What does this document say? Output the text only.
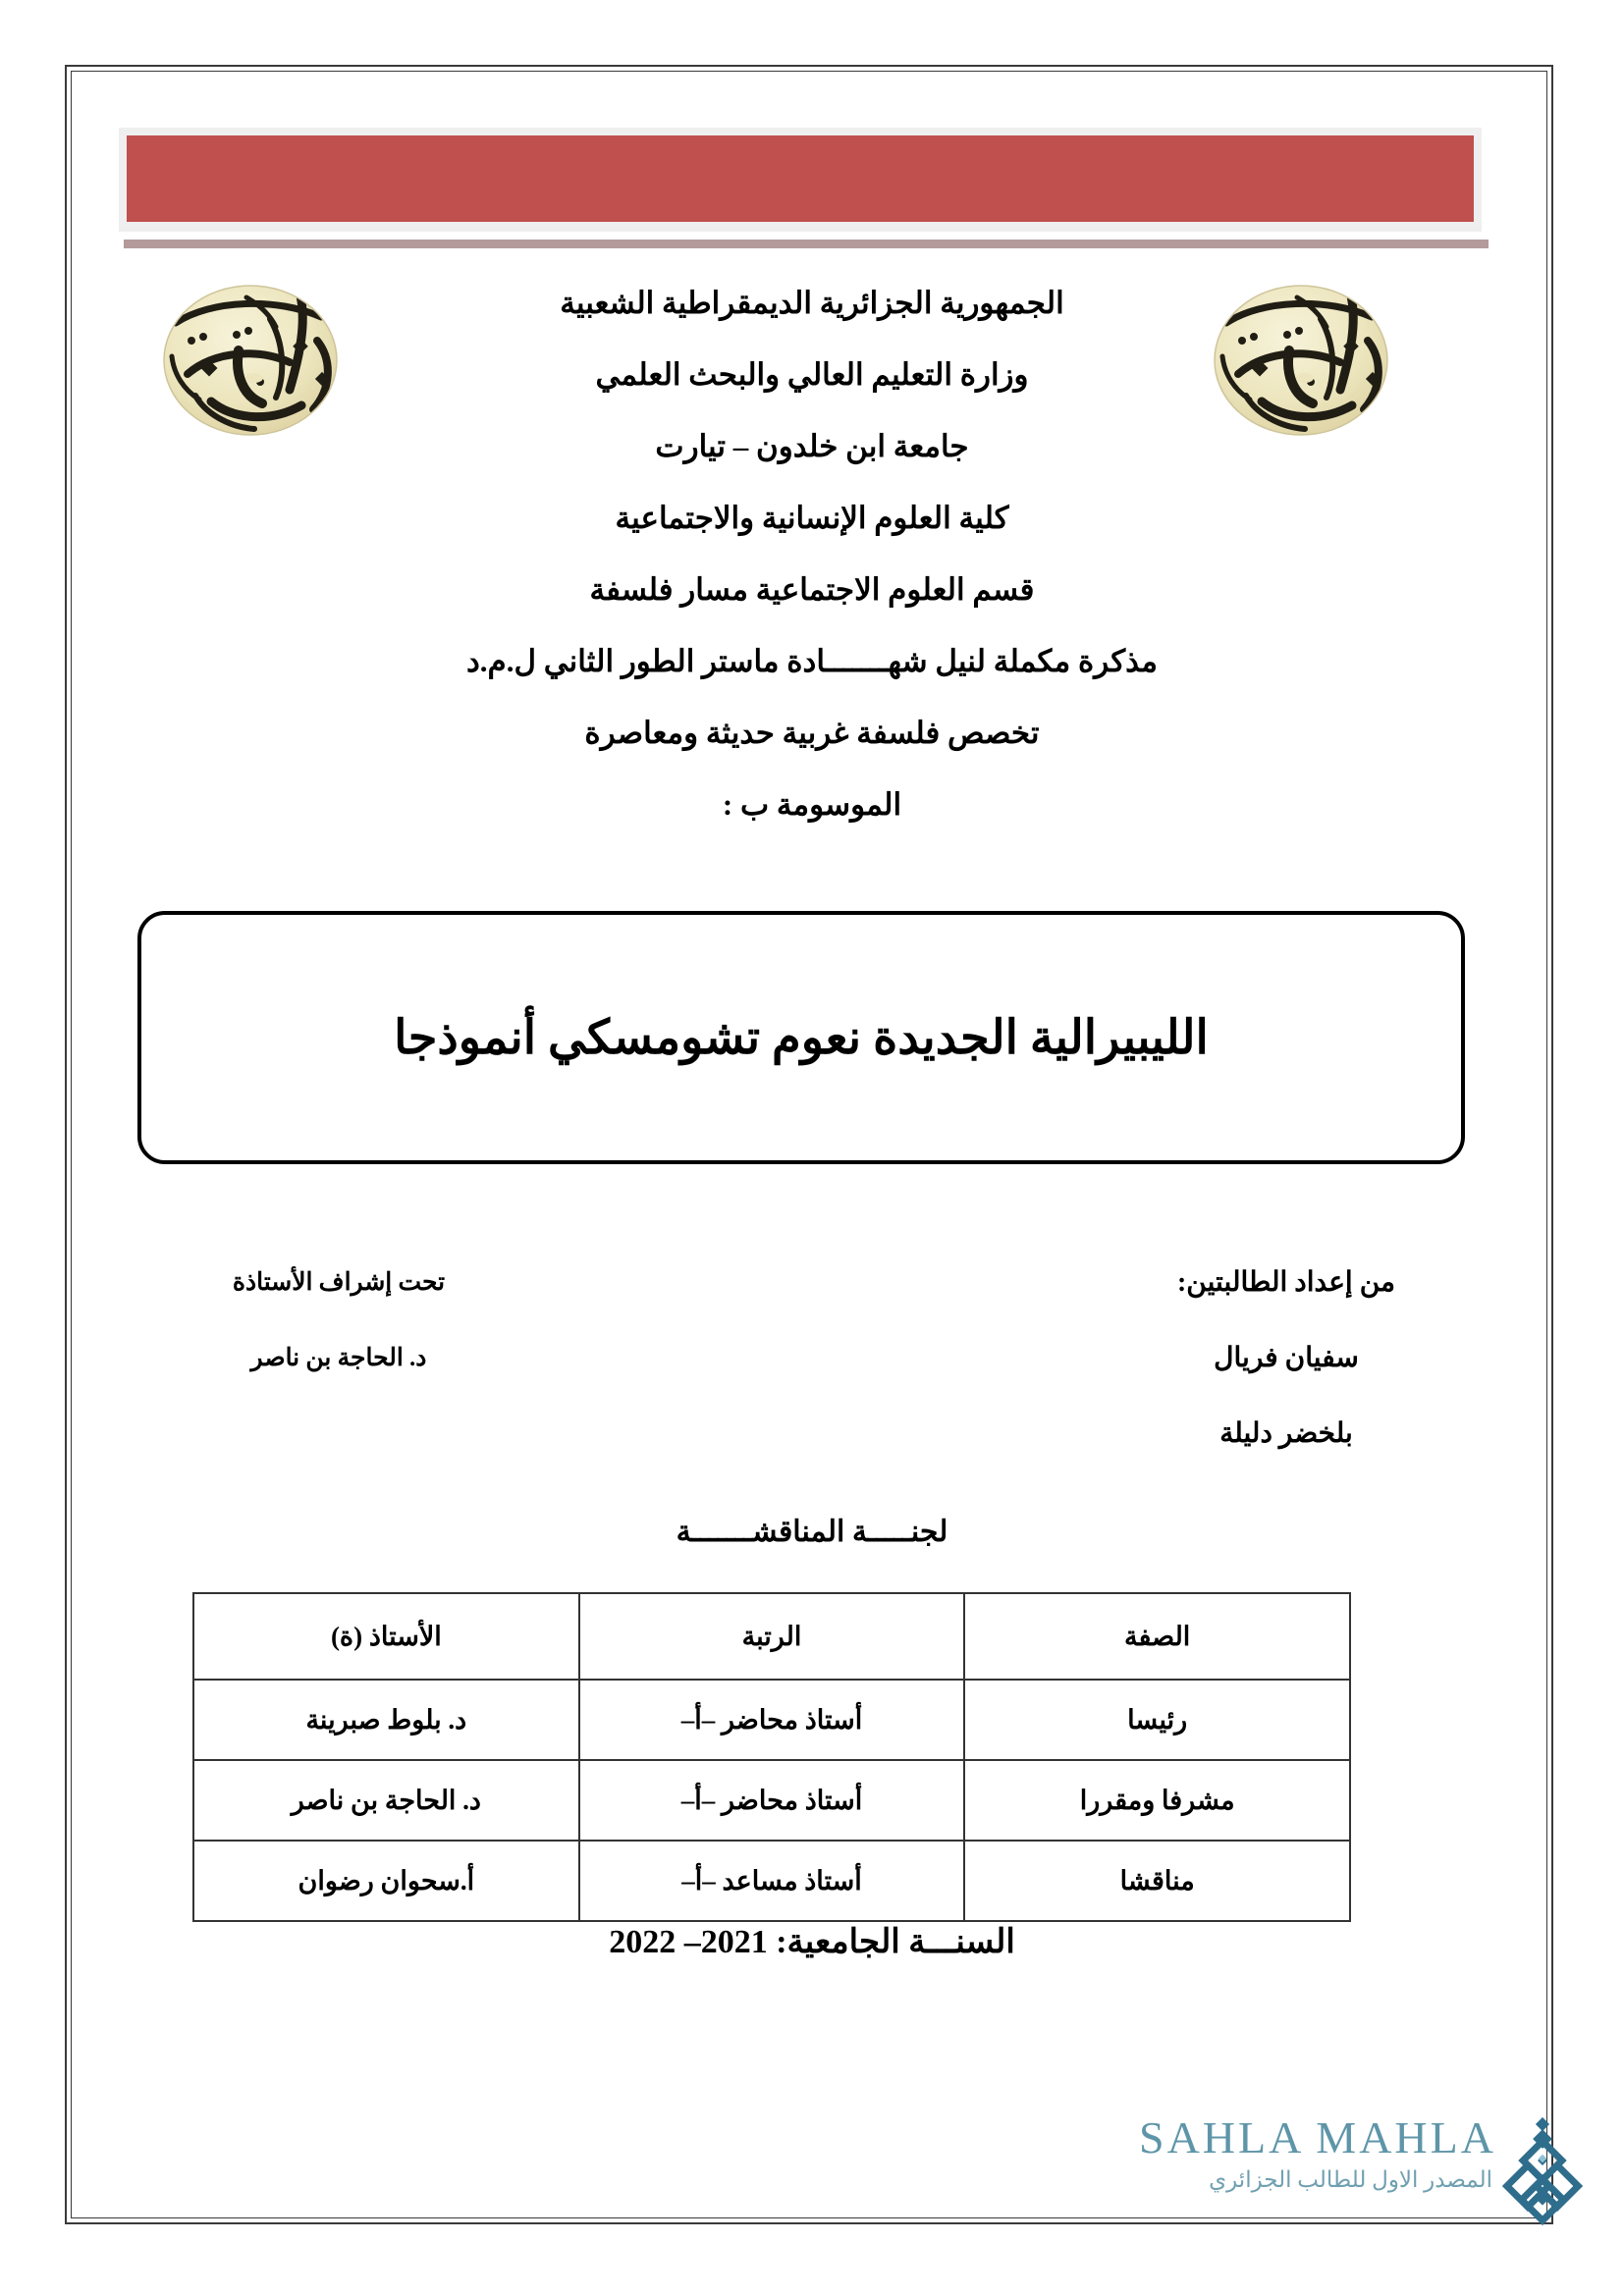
الجمهورية الجزائرية الديمقراطية الشعبية
وزارة التعليم العالي والبحث العلمي
جامعة ابن خلدون – تيارت
كلية العلوم الإنسانية والاجتماعية
قسم العلوم الاجتماعية مسار فلسفة
مذكرة مكملة لنيل شهـــــــادة ماستر الطور الثاني ل.م.د
تخصص فلسفة غربية حديثة ومعاصرة
الموسومة ب :
الليبيرالية الجديدة نعوم تشومسكي أنموذجا
من إعداد الطالبتين:
سفيان فريال
بلخضر دليلة
تحت إشراف الأستاذة
د. الحاجة بن ناصر
لجنـــــة المناقشـــــــة
الصفة	الرتبة	الأستاذ (ة)
رئيسا	أستاذ محاضر –أ–	د. بلوط صبرينة
مشرفا ومقررا	أستاذ محاضر –أ–	د. الحاجة بن ناصر
مناقشا	أستاذ مساعد –أ–	أ.سحوان رضوان
السنـــة الجامعية: 2021– 2022
SAHLA MAHLA
المصدر الاول للطالب الجزائري
